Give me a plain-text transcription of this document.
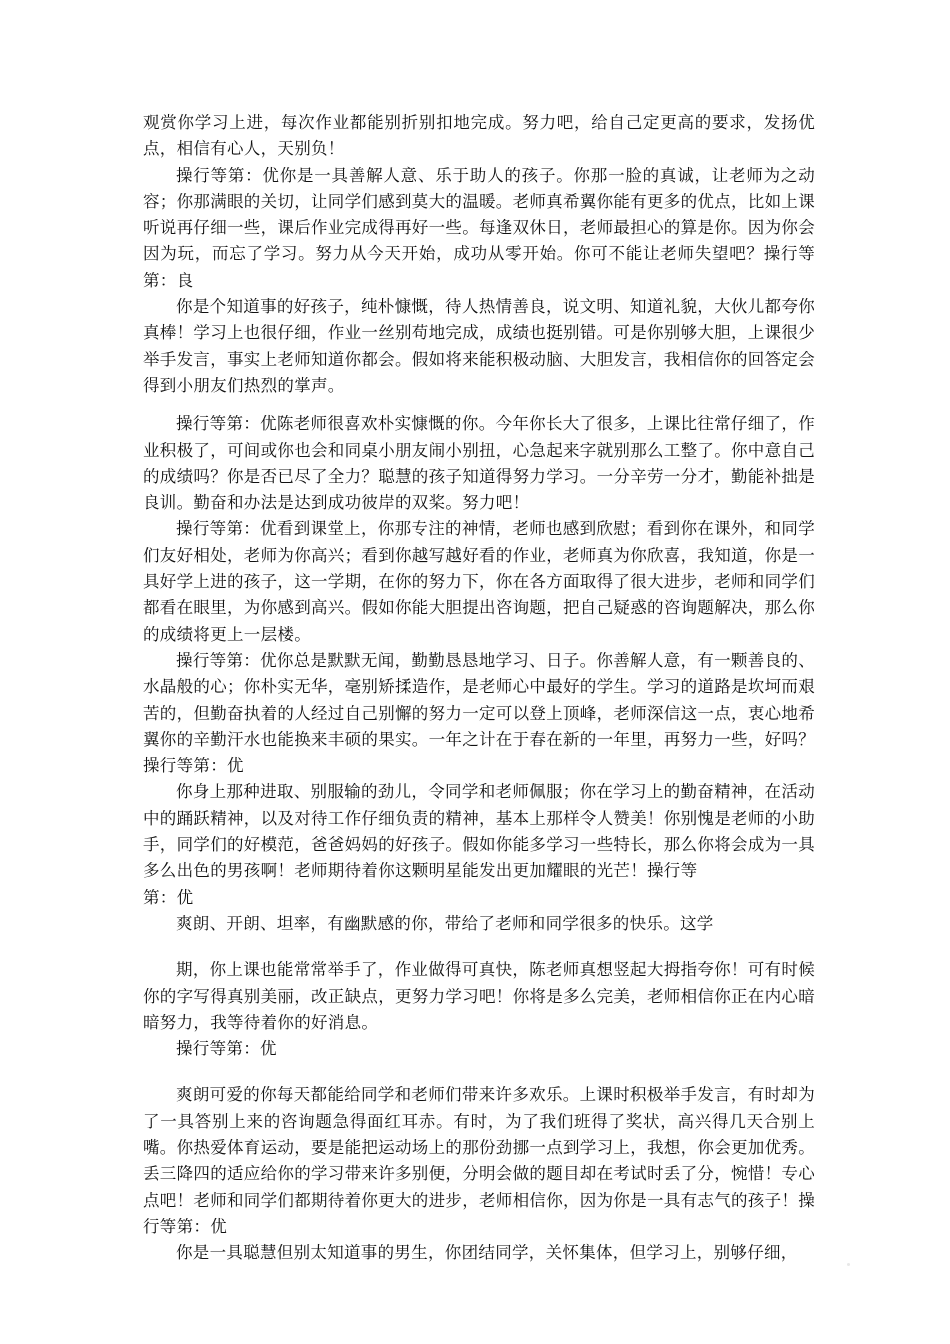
观赏你学习上进，每次作业都能别折别扣地完成。努力吧，给自己定更高的要求，发扬优点，相信有心人，天别负！

操行等第：优你是一具善解人意、乐于助人的孩子。你那一脸的真诚，让老师为之动容；你那满眼的关切，让同学们感到莫大的温暖。老师真希翼你能有更多的优点，比如上课听说再仔细一些，课后作业完成得再好一些。每逢双休日，老师最担心的算是你。因为你会因为玩，而忘了学习。努力从今天开始，成功从零开始。你可不能让老师失望吧？操行等第：良

你是个知道事的好孩子，纯朴慷慨，待人热情善良，说文明、知道礼貌，大伙儿都夸你真棒！学习上也很仔细，作业一丝别苟地完成，成绩也挺别错。可是你别够大胆，上课很少举手发言，事实上老师知道你都会。假如将来能积极动脑、大胆发言，我相信你的回答定会得到小朋友们热烈的掌声。

操行等第：优陈老师很喜欢朴实慷慨的你。今年你长大了很多，上课比往常仔细了，作业积极了，可间或你也会和同桌小朋友闹小别扭，心急起来字就别那么工整了。你中意自己的成绩吗？你是否已尽了全力？聪慧的孩子知道得努力学习。一分辛劳一分才，勤能补拙是良训。勤奋和办法是达到成功彼岸的双桨。努力吧！

操行等第：优看到课堂上，你那专注的神情，老师也感到欣慰；看到你在课外，和同学们友好相处，老师为你高兴；看到你越写越好看的作业，老师真为你欣喜，我知道，你是一具好学上进的孩子，这一学期，在你的努力下，你在各方面取得了很大进步，老师和同学们都看在眼里，为你感到高兴。假如你能大胆提出咨询题，把自己疑惑的咨询题解决，那么你的成绩将更上一层楼。

操行等第：优你总是默默无闻，勤勤恳恳地学习、日子。你善解人意，有一颗善良的、水晶般的心；你朴实无华，毫别矫揉造作，是老师心中最好的学生。学习的道路是坎坷而艰苦的，但勤奋执着的人经过自己别懈的努力一定可以登上顶峰，老师深信这一点，衷心地希翼你的辛勤汗水也能换来丰硕的果实。一年之计在于春在新的一年里，再努力一些，好吗？操行等第：优

你身上那种进取、别服输的劲儿，令同学和老师佩服；你在学习上的勤奋精神，在活动中的踊跃精神，以及对待工作仔细负责的精神，基本上那样令人赞美！你别愧是老师的小助手，同学们的好模范，爸爸妈妈的好孩子。假如你能多学习一些特长，那么你将会成为一具多么出色的男孩啊！老师期待着你这颗明星能发出更加耀眼的光芒！操行等

第：优

爽朗、开朗、坦率，有幽默感的你，带给了老师和同学很多的快乐。这学

期，你上课也能常常举手了，作业做得可真快，陈老师真想竖起大拇指夸你！可有时候你的字写得真别美丽，改正缺点，更努力学习吧！你将是多么完美，老师相信你正在内心暗暗努力，我等待着你的好消息。

操行等第：优

爽朗可爱的你每天都能给同学和老师们带来许多欢乐。上课时积极举手发言，有时却为了一具答别上来的咨询题急得面红耳赤。有时，为了我们班得了奖状，高兴得几天合别上嘴。你热爱体育运动，要是能把运动场上的那份劲挪一点到学习上，我想，你会更加优秀。丢三降四的适应给你的学习带来许多别便，分明会做的题目却在考试时丢了分，惋惜！专心点吧！老师和同学们都期待着你更大的进步，老师相信你，因为你是一具有志气的孩子！操行等第：优

你是一具聪慧但别太知道事的男生，你团结同学，关怀集体，但学习上，别够仔细，
